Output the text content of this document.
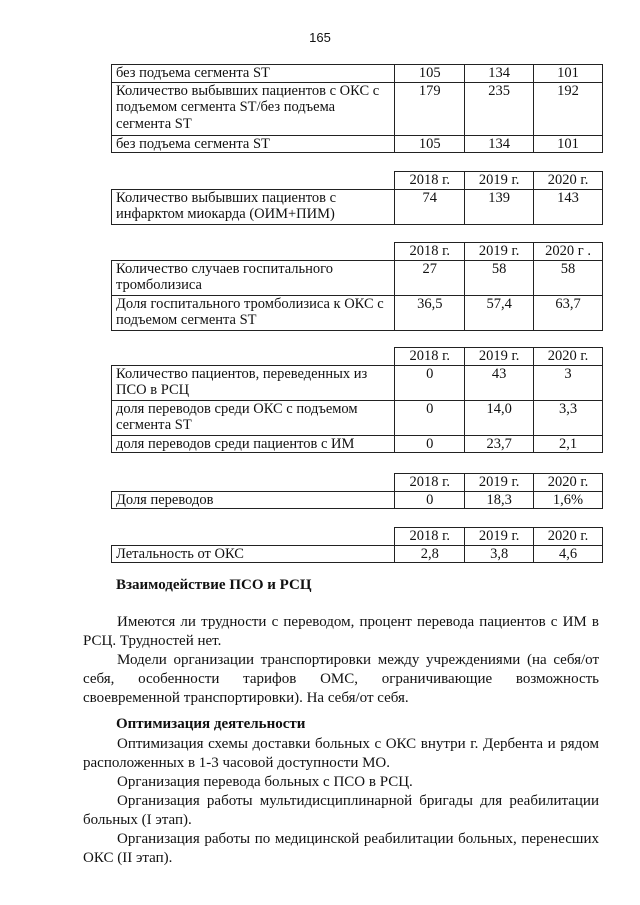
165
без подъема сегмента ST	105	134	101
Количество выбывших пациентов с ОКС с подъемом сегмента ST/без подъема сегмента ST	179	235	192
без подъема сегмента ST	105	134	101
	2018 г.	2019 г.	2020 г.
Количество выбывших пациентов с инфарктом миокарда (ОИМ+ПИМ)	74	139	143
	2018 г.	2019 г.	2020 г .
Количество случаев госпитального тромболизиса	27	58	58
Доля госпитального тромболизиса к ОКС с подъемом сегмента ST	36,5	57,4	63,7
	2018 г.	2019 г.	2020 г.
Количество пациентов, переведенных из ПСО в РСЦ	0	43	3
доля переводов среди ОКС с подъемом сегмента ST	0	14,0	3,3
доля переводов среди пациентов с ИМ	0	23,7	2,1
	2018 г.	2019 г.	2020 г.
Доля переводов	0	18,3	1,6%
	2018 г.	2019 г.	2020 г.
Летальность от ОКС	2,8	3,8	4,6
Взаимодействие ПСО и РСЦ
Имеются ли трудности с переводом, процент перевода пациентов с ИМ в РСЦ. Трудностей нет.
Модели организации транспортировки между учреждениями (на себя/от себя, особенности тарифов ОМС, ограничивающие возможность своевременной транспортировки). На себя/от себя.
Оптимизация деятельности
Оптимизация схемы доставки больных с ОКС внутри г. Дербента и рядом расположенных в 1-3 часовой доступности МО.
Организация перевода больных с ПСО в РСЦ.
Организация работы мультидисциплинарной бригады для реабилитации больных (I этап).
Организация работы по медицинской реабилитации больных, перенесших ОКС (II этап).
